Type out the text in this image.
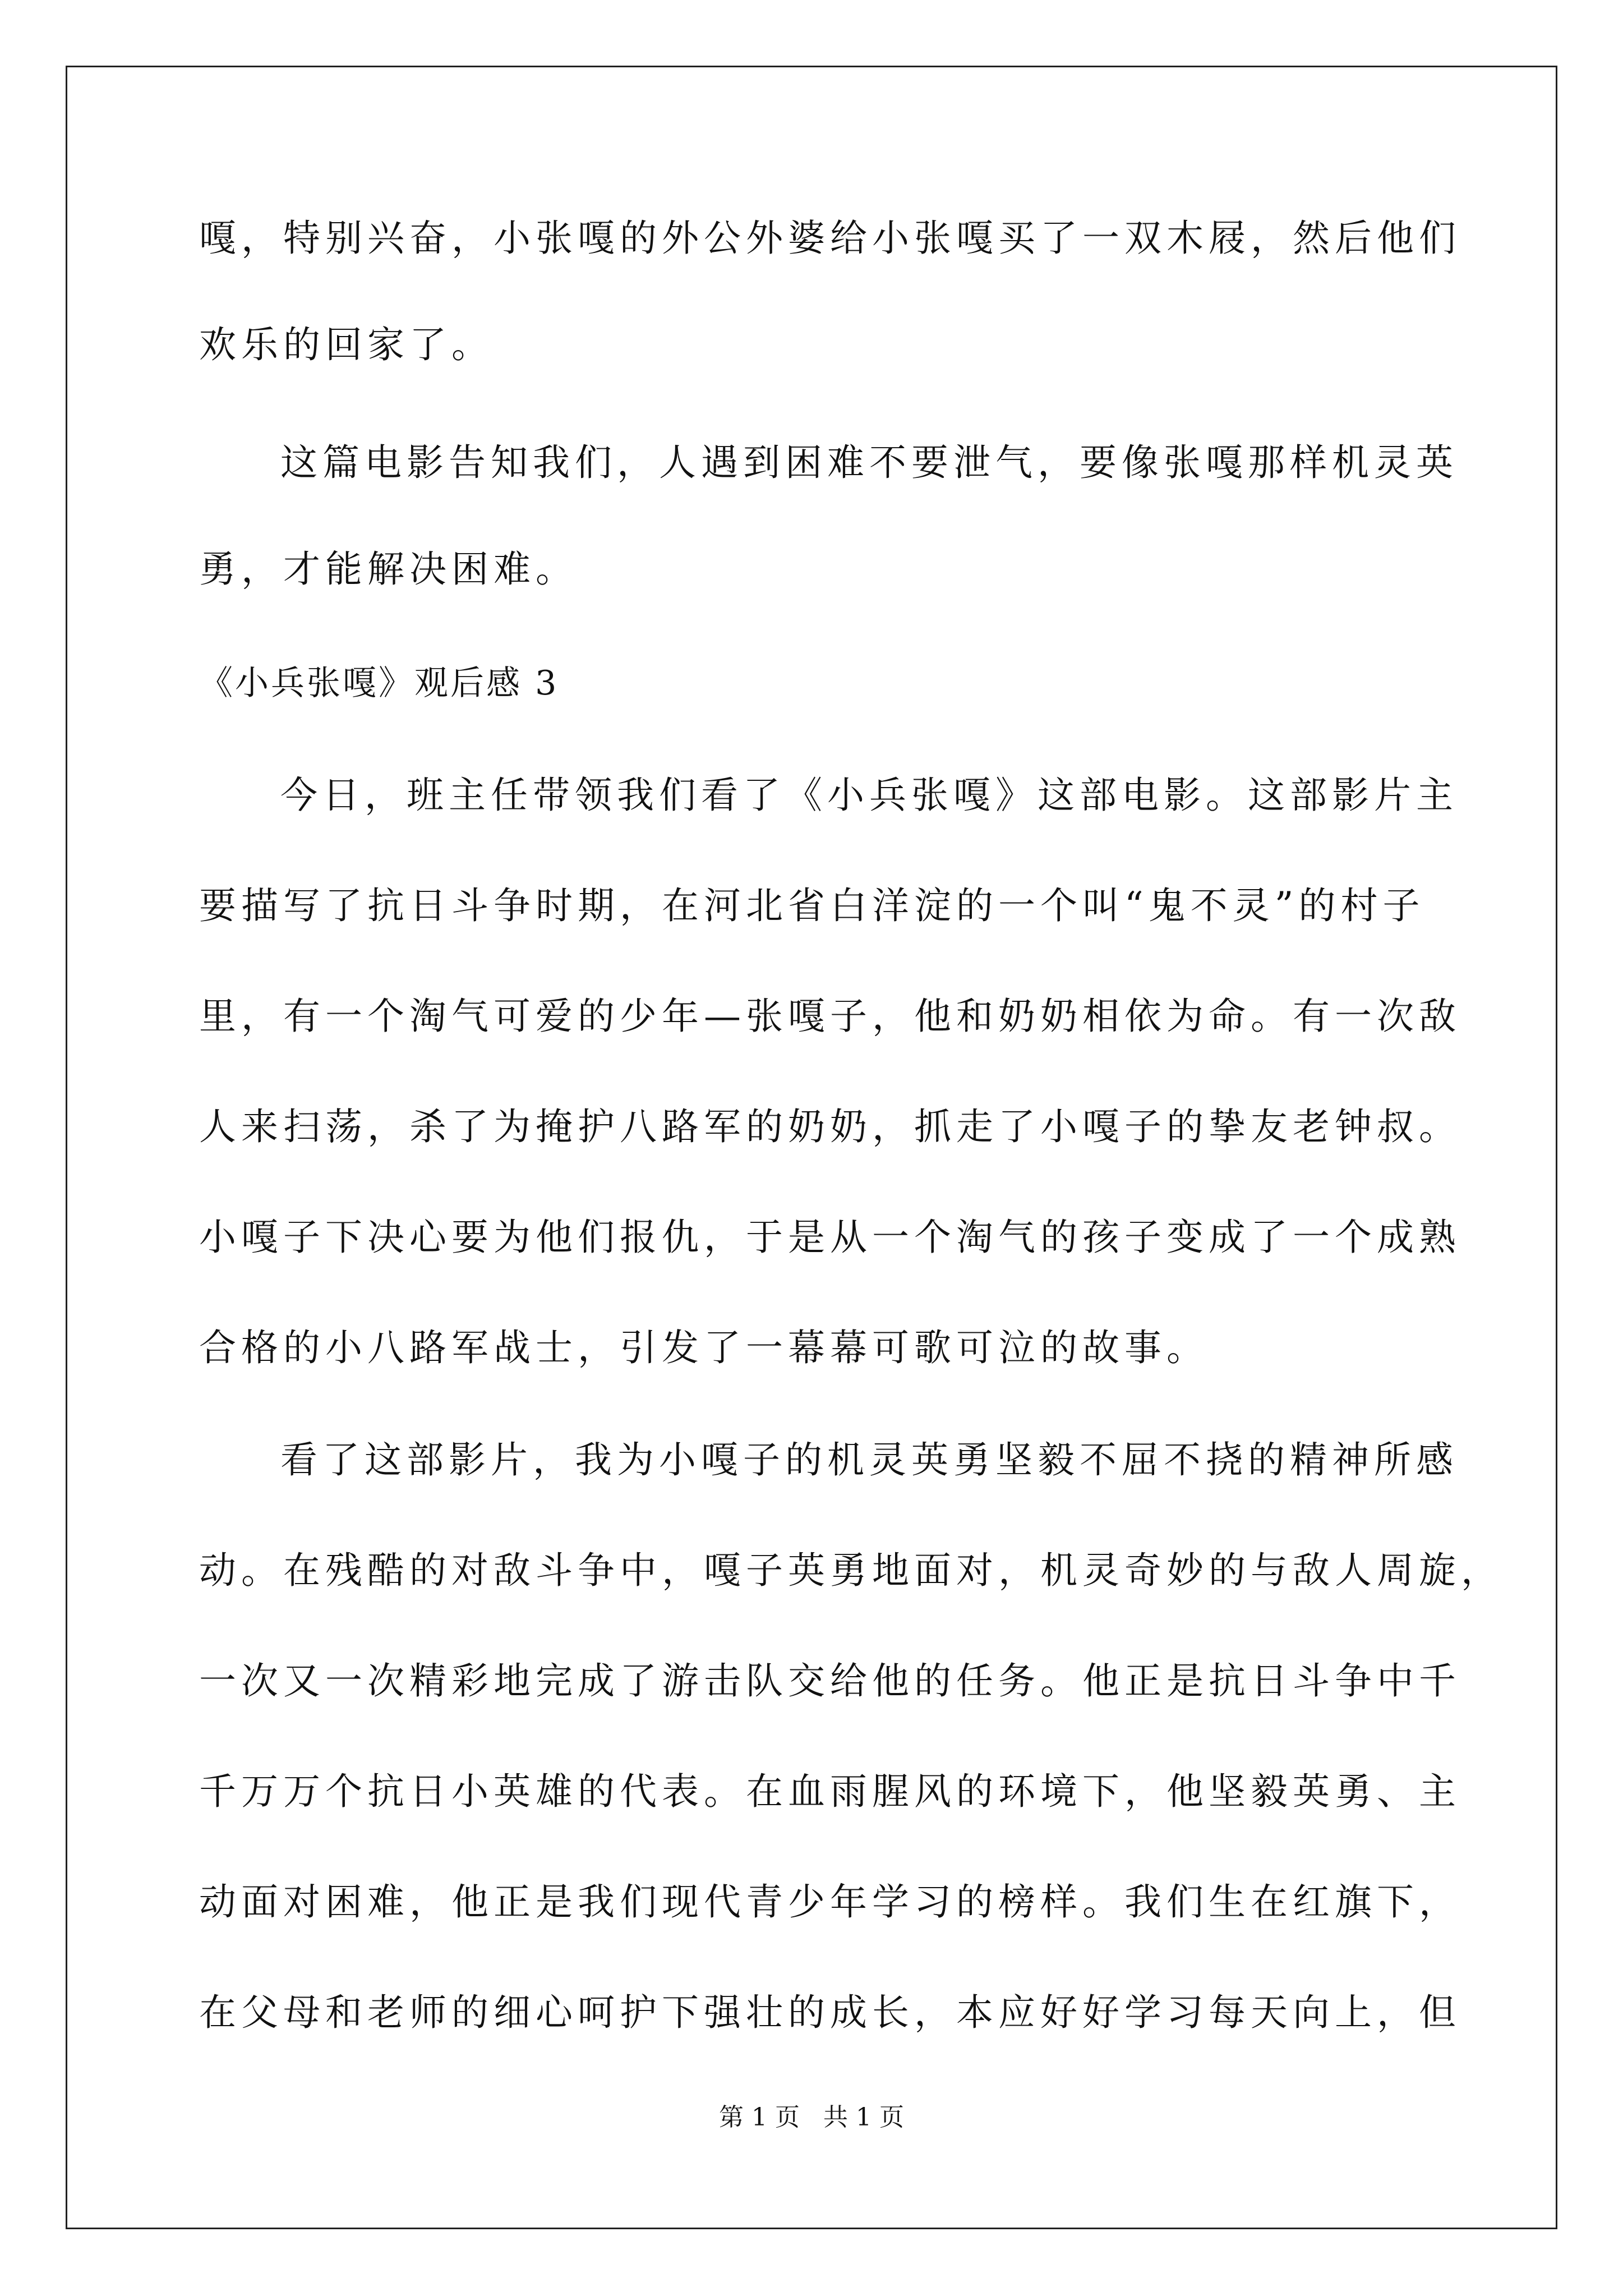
嘎，特别兴奋，小张嘎的外公外婆给小张嘎买了一双木屐，然后他们
欢乐的回家了。
这篇电影告知我们，人遇到困难不要泄气，要像张嘎那样机灵英
勇，才能解决困难。
《小兵张嘎》观后感 3
今日，班主任带领我们看了《小兵张嘎》这部电影。这部影片主
要描写了抗日斗争时期，在河北省白洋淀的一个叫“鬼不灵”的村子
里，有一个淘气可爱的少年—张嘎子，他和奶奶相依为命。有一次敌
人来扫荡，杀了为掩护八路军的奶奶，抓走了小嘎子的挚友老钟叔。
小嘎子下决心要为他们报仇，于是从一个淘气的孩子变成了一个成熟
合格的小八路军战士，引发了一幕幕可歌可泣的故事。
看了这部影片，我为小嘎子的机灵英勇坚毅不屈不挠的精神所感
动。在残酷的对敌斗争中，嘎子英勇地面对，机灵奇妙的与敌人周旋，
一次又一次精彩地完成了游击队交给他的任务。他正是抗日斗争中千
千万万个抗日小英雄的代表。在血雨腥风的环境下，他坚毅英勇、主
动面对困难，他正是我们现代青少年学习的榜样。我们生在红旗下，
在父母和老师的细心呵护下强壮的成长，本应好好学习每天向上，但
第 1 页   共 1 页
